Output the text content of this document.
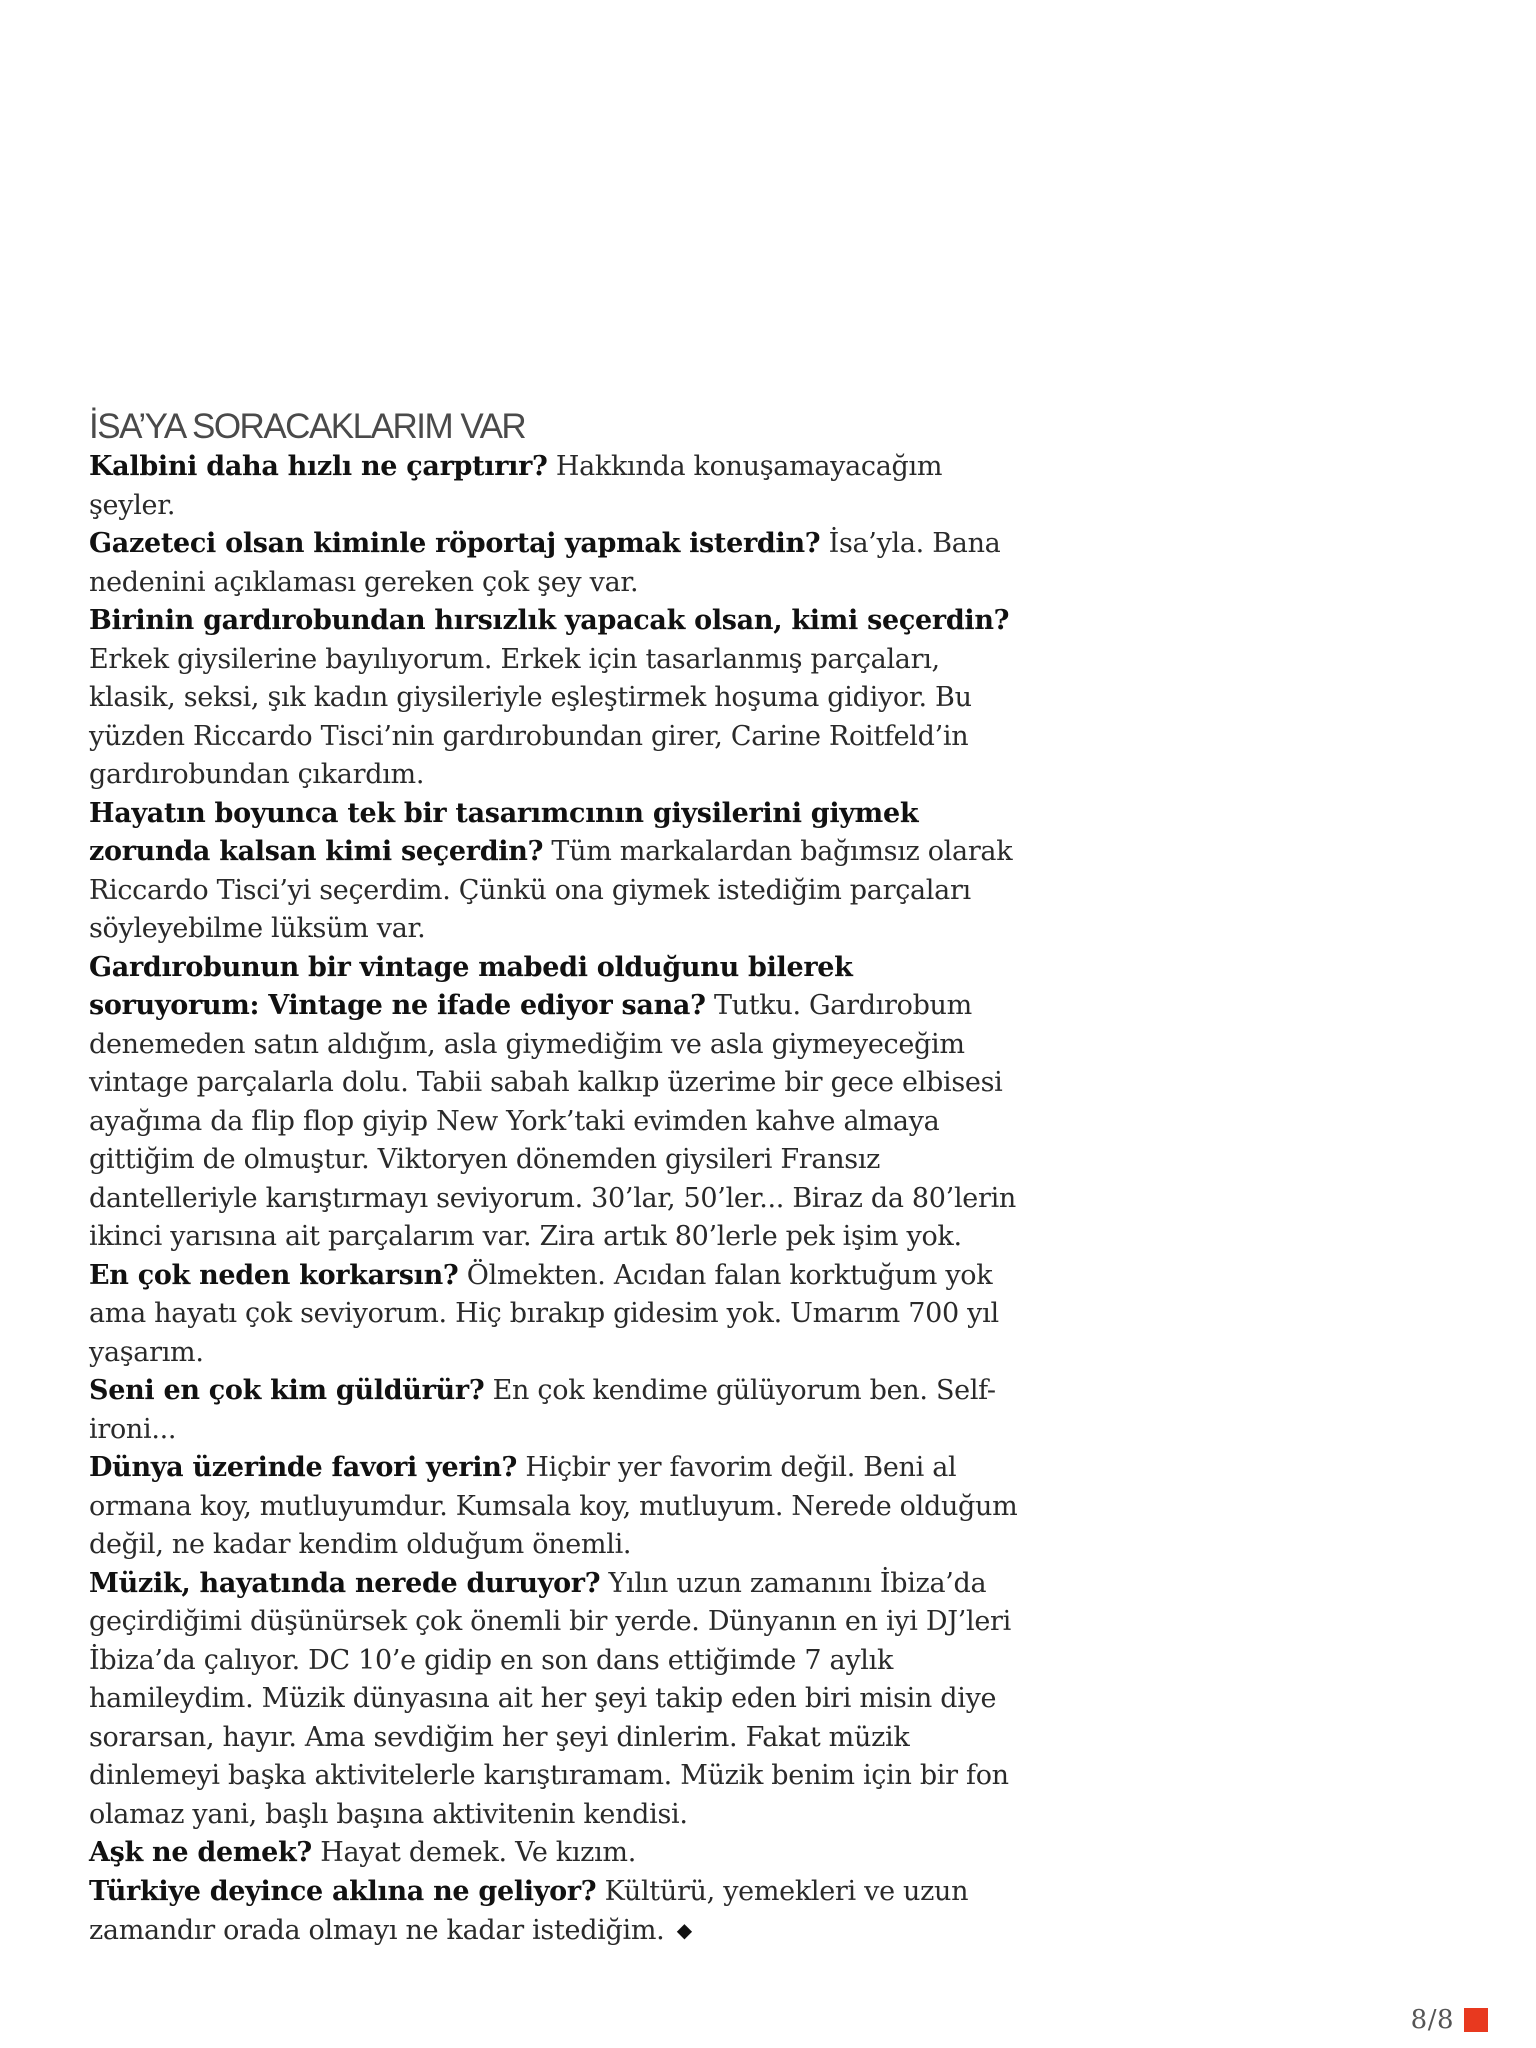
İSA’YA SORACAKLARIM VAR

Kalbini daha hızlı ne çarptırır? Hakkında konuşamayacağım şeyler.

Gazeteci olsan kiminle röportaj yapmak isterdin? İsa’yla. Bana nedenini açıklaması gereken çok şey var.

Birinin gardırobundan hırsızlık yapacak olsan, kimi seçerdin? Erkek giysilerine bayılıyorum. Erkek için tasarlanmış parçaları, klasik, seksi, şık kadın giysileriyle eşleştirmek hoşuma gidiyor. Bu yüzden Riccardo Tisci’nin gardırobundan girer, Carine Roitfeld’in gardırobundan çıkardım.

Hayatın boyunca tek bir tasarımcının giysilerini giymek zorunda kalsan kimi seçerdin? Tüm markalardan bağımsız olarak Riccardo Tisci’yi seçerdim. Çünkü ona giymek istediğim parçaları söyleyebilme lüksüm var.

Gardırobunun bir vintage mabedi olduğunu bilerek soruyorum: Vintage ne ifade ediyor sana? Tutku. Gardırobum denemeden satın aldığım, asla giymediğim ve asla giymeyeceğim vintage parçalarla dolu. Tabii sabah kalkıp üzerime bir gece elbisesi ayağıma da flip flop giyip New York’taki evimden kahve almaya gittiğim de olmuştur. Viktoryen dönemden giysileri Fransız dantelleriyle karıştırmayı seviyorum. 30’lar, 50’ler... Biraz da 80’lerin ikinci yarısına ait parçalarım var. Zira artık 80’lerle pek işim yok.

En çok neden korkarsın? Ölmekten. Acıdan falan korktuğum yok ama hayatı çok seviyorum. Hiç bırakıp gidesim yok. Umarım 700 yıl yaşarım.

Seni en çok kim güldürür? En çok kendime gülüyorum ben. Self-ironi...

Dünya üzerinde favori yerin? Hiçbir yer favorim değil. Beni al ormana koy, mutluyumdur. Kumsala koy, mutluyum. Nerede olduğum değil, ne kadar kendim olduğum önemli.

Müzik, hayatında nerede duruyor? Yılın uzun zamanını İbiza’da geçirdiğimi düşünürsek çok önemli bir yerde. Dünyanın en iyi DJ’leri İbiza’da çalıyor. DC 10’e gidip en son dans ettiğimde 7 aylık hamileydim. Müzik dünyasına ait her şeyi takip eden biri misin diye sorarsan, hayır. Ama sevdiğim her şeyi dinlerim. Fakat müzik dinlemeyi başka aktivitelerle karıştıramam. Müzik benim için bir fon olamaz yani, başlı başına aktivitenin kendisi.

Aşk ne demek? Hayat demek. Ve kızım.

Türkiye deyince aklına ne geliyor? Kültürü, yemekleri ve uzun zamandır orada olmayı ne kadar istediğim. ◆

8/8
